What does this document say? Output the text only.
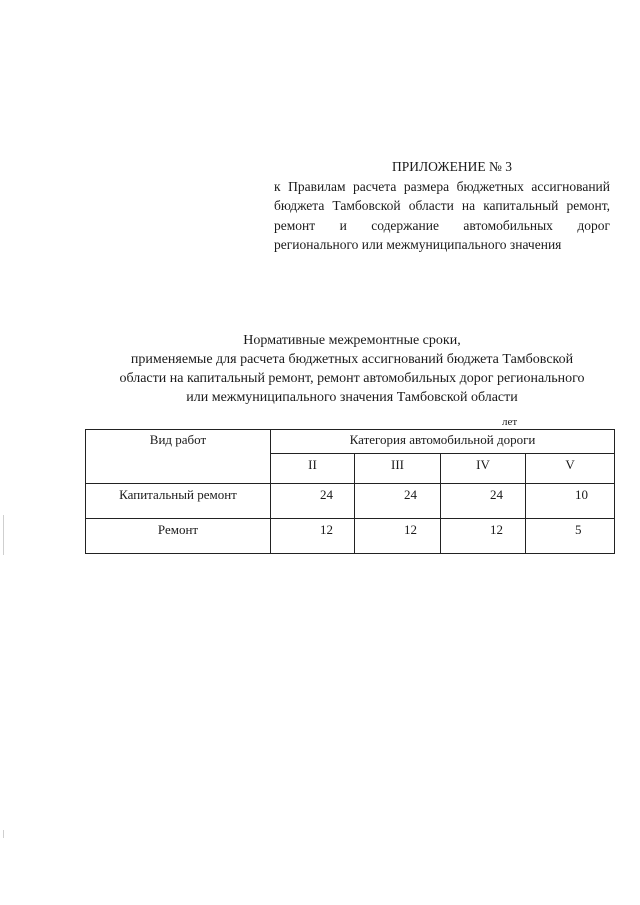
ПРИЛОЖЕНИЕ № 3
к Правилам расчета размера бюджетных ассигнований бюджета Тамбовской области на капитальный ремонт, ремонт и содержание автомобильных дорог регионального или межмуниципального значения
Нормативные межремонтные сроки,
применяемые для расчета бюджетных ассигнований бюджета Тамбовской
области на капитальный ремонт, ремонт автомобильных дорог регионального
или межмуниципального значения Тамбовской области
лет
Вид работ	Категория автомобильной дороги			

	II	III	IV	V

Капитальный ремонт	24	24	24	10

Ремонт	12	12	12	5
